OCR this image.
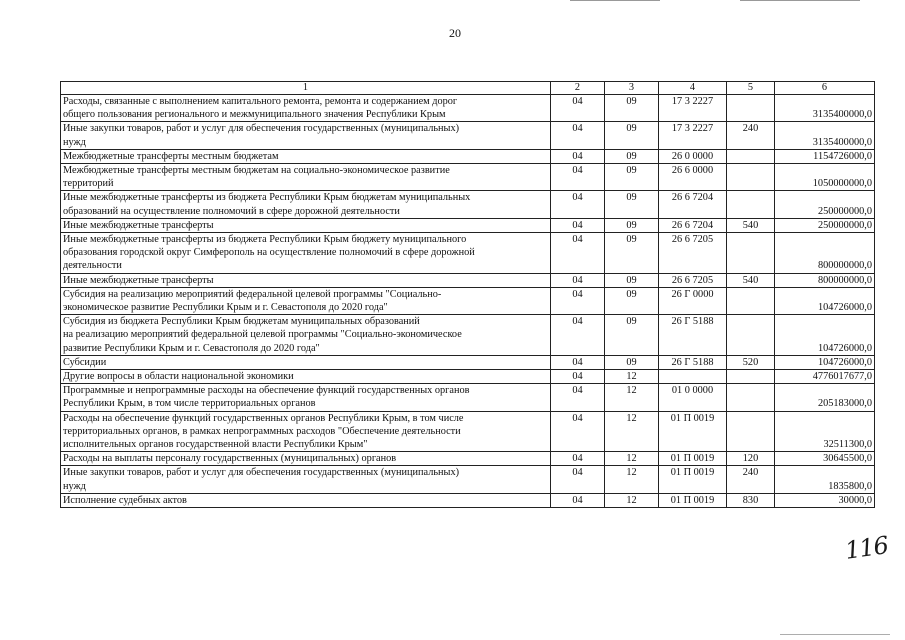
20
1	2	3	4	5	6
Расходы, связанные с выполнением капитального ремонта, ремонта и содержанием дорог
общего пользования регионального и межмуниципального значения Республики Крым	04	09	17 3 2227		3135400000,0
Иные закупки товаров, работ и услуг для обеспечения государственных (муниципальных)
нужд	04	09	17 3 2227	240	3135400000,0
Межбюджетные трансферты местным бюджетам	04	09	26 0 0000		1154726000,0
Межбюджетные трансферты местным бюджетам на социально-экономическое развитие
территорий	04	09	26 6 0000		1050000000,0
Иные межбюджетные трансферты из бюджета Республики Крым бюджетам муниципальных
образований на осуществление полномочий в сфере дорожной деятельности	04	09	26 6 7204		250000000,0
Иные межбюджетные трансферты	04	09	26 6 7204	540	250000000,0
Иные межбюджетные трансферты из бюджета Республики Крым бюджету муниципального
образования городской округ Симферополь на осуществление полномочий в сфере дорожной
деятельности	04	09	26 6 7205		800000000,0
Иные межбюджетные трансферты	04	09	26 6 7205	540	800000000,0
Субсидия на реализацию мероприятий федеральной целевой программы "Социально-
экономическое развитие Республики Крым и г. Севастополя до 2020 года"	04	09	26 Г 0000		104726000,0
Субсидия из бюджета Республики Крым бюджетам муниципальных образований
на реализацию мероприятий федеральной целевой программы "Социально-экономическое
развитие Республики Крым и г. Севастополя до 2020 года"	04	09	26 Г 5188		104726000,0
Субсидии	04	09	26 Г 5188	520	104726000,0
Другие вопросы в области национальной экономики	04	12			4776017677,0
Программные и непрограммные расходы на обеспечение функций государственных органов
Республики Крым, в том числе территориальных органов	04	12	01 0 0000		205183000,0
Расходы на обеспечение функций государственных органов Республики Крым, в том числе
территориальных органов, в рамках непрограммных расходов "Обеспечение деятельности
исполнительных органов государственной власти Республики Крым"	04	12	01 П 0019		32511300,0
Расходы на выплаты персоналу государственных (муниципальных) органов	04	12	01 П 0019	120	30645500,0
Иные закупки товаров, работ и услуг для обеспечения государственных (муниципальных)
нужд	04	12	01 П 0019	240	1835800,0
Исполнение судебных актов	04	12	01 П 0019	830	30000,0
116
